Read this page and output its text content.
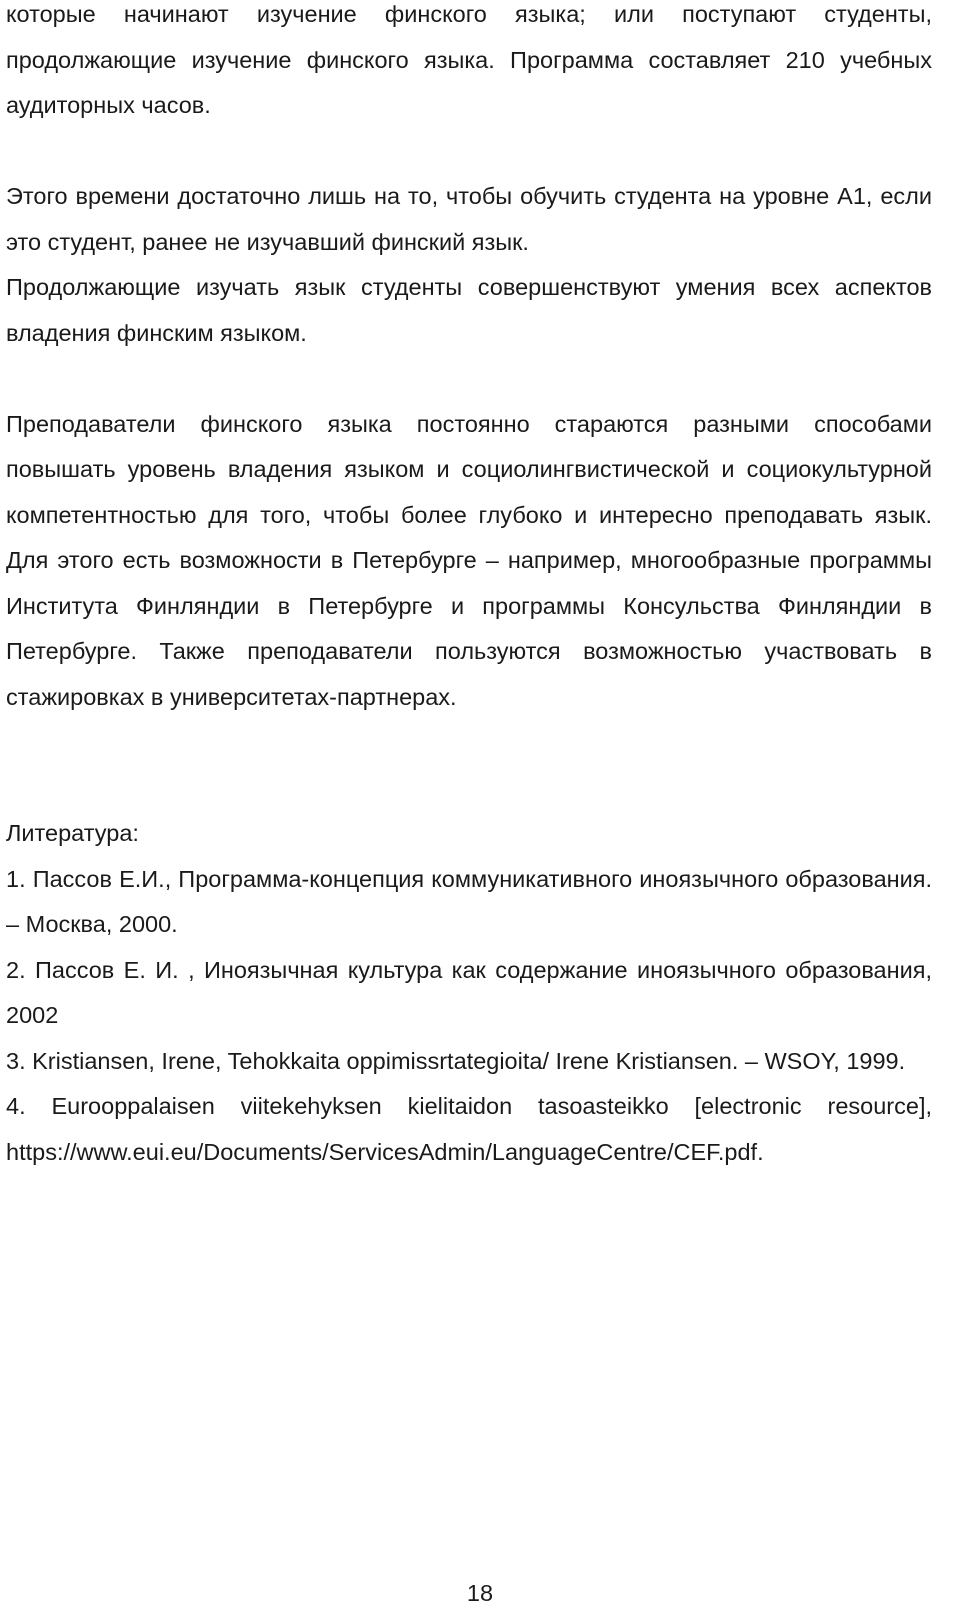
которые начинают изучение финского языка; или поступают студенты, продолжающие изучение финского языка. Программа составляет 210 учебных аудиторных часов.

Этого времени достаточно лишь на то, чтобы обучить студента на уровне А1, если это студент, ранее не изучавший финский язык.

Продолжающие изучать язык студенты совершенствуют умения всех аспектов владения финским языком.

Преподаватели финского языка постоянно стараются разными способами повышать уровень владения языком и социолингвистической и социокультурной компетентностью для того, чтобы более глубоко и интересно преподавать язык. Для этого есть возможности в Петербурге – например, многообразные программы Института Финляндии в Петербурге и программы Консульства Финляндии в Петербурге. Также преподаватели пользуются возможностью участвовать в стажировках в университетах-партнерах.

Литература:

1. Пассов Е.И., Программа-концепция коммуникативного иноязычного образования. – Москва, 2000.

2. Пассов Е. И. , Иноязычная культура как содержание иноязычного образования, 2002

3. Kristiansen, Irene, Tehokkaita oppimissrtategioita/ Irene Kristiansen. – WSOY, 1999.

4. Eurooppalaisen viitekehyksen kielitaidon tasoasteikko [electronic resource], https://www.eui.eu/Documents/ServicesAdmin/LanguageCentre/CEF.pdf.

18
